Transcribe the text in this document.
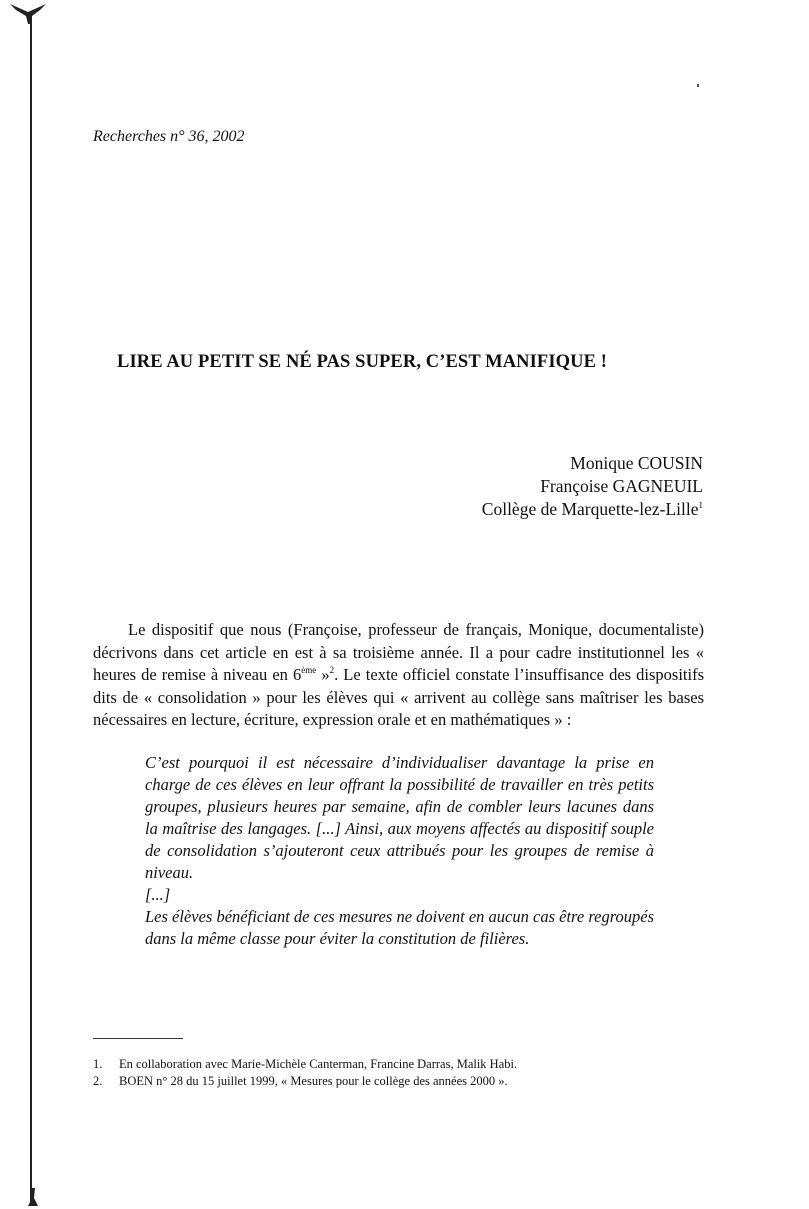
Recherches n° 36, 2002

LIRE AU PETIT SE NÉ PAS SUPER, C’EST MANIFIQUE !
Monique COUSIN
Françoise GAGNEUIL
Collège de Marquette-lez-Lille$^1$

Le dispositif que nous (Françoise, professeur de français, Monique, documentaliste) décrivons dans cet article en est à sa troisième année. Il a pour cadre institutionnel les « heures de remise à niveau en 6ème »$^2$. Le texte officiel constate l’insuffisance des dispositifs dits de « consolidation » pour les élèves qui « arrivent au collège sans maîtriser les bases nécessaires en lecture, écriture, expression orale et en mathématiques » :

C’est pourquoi il est nécessaire d’individualiser davantage la prise en charge de ces élèves en leur offrant la possibilité de travailler en très petits groupes, plusieurs heures par semaine, afin de combler leurs lacunes dans la maîtrise des langages. [...] Ainsi, aux moyens affectés au dispositif souple de consolidation s’ajouteront ceux attribués pour les groupes de remise à niveau.

[...]

Les élèves bénéficiant de ces mesures ne doivent en aucun cas être regroupés dans la même classe pour éviter la constitution de filières.

1. En collaboration avec Marie-Michèle Canterman, Francine Darras, Malik Habi.
2. BOEN n° 28 du 15 juillet 1999, « Mesures pour le collège des années 2000 ».
